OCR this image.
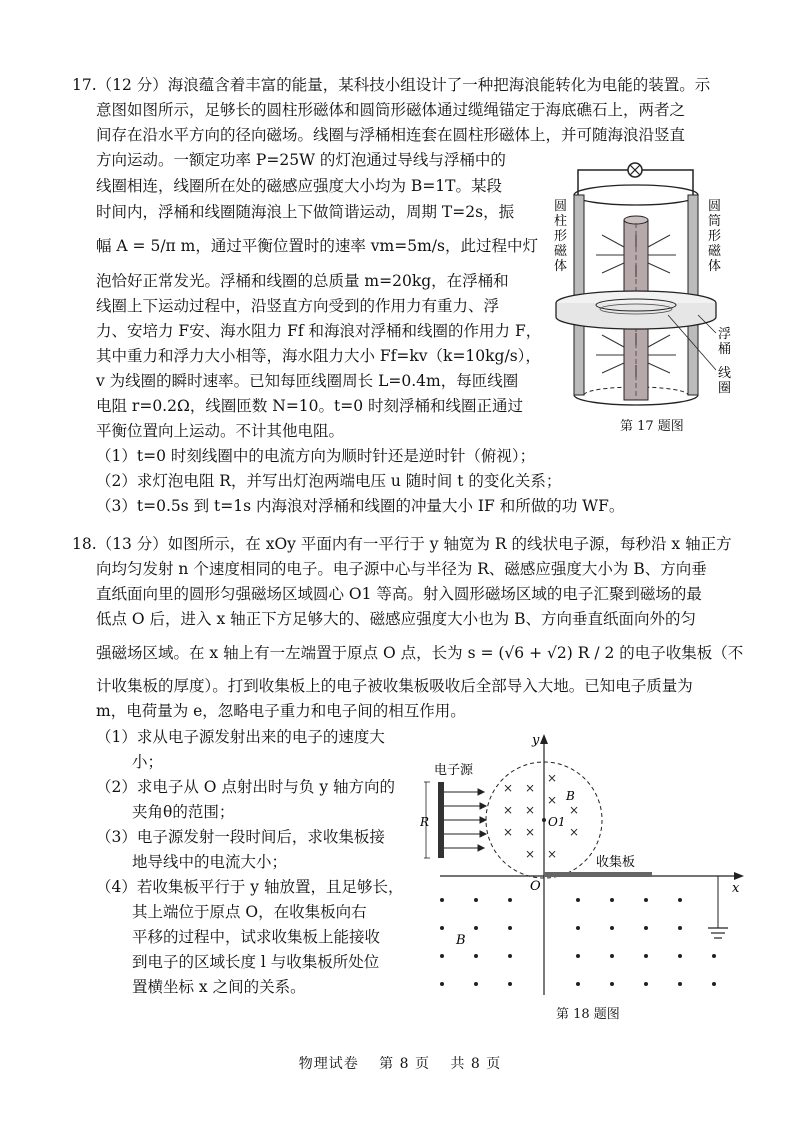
17.（12 分）海浪蕴含着丰富的能量，某科技小组设计了一种把海浪能转化为电能的装置。示
意图如图所示，足够长的圆柱形磁体和圆筒形磁体通过缆绳锚定于海底礁石上，两者之
间存在沿水平方向的径向磁场。线圈与浮桶相连套在圆柱形磁体上，并可随海浪沿竖直
方向运动。一额定功率 P=25W 的灯泡通过导线与浮桶中的
线圈相连，线圈所在处的磁感应强度大小均为 B=1T。某段
时间内，浮桶和线圈随海浪上下做简谐运动，周期 T=2s，振
幅 A = 5/π m，通过平衡位置时的速率 vm=5m/s，此过程中灯
泡恰好正常发光。浮桶和线圈的总质量 m=20kg，在浮桶和
线圈上下运动过程中，沿竖直方向受到的作用力有重力、浮
力、安培力 F安、海水阻力 Ff 和海浪对浮桶和线圈的作用力 F，
其中重力和浮力大小相等，海水阻力大小 Ff=kv（k=10kg/s），
v 为线圈的瞬时速率。已知每匝线圈周长 L=0.4m，每匝线圈
电阻 r=0.2Ω，线圈匝数 N=10。t=0 时刻浮桶和线圈正通过
平衡位置向上运动。不计其他电阻。
（1）t=0 时刻线圈中的电流方向为顺时针还是逆时针（俯视）；
（2）求灯泡电阻 R，并写出灯泡两端电压 u 随时间 t 的变化关系；
（3）t=0.5s 到 t=1s 内海浪对浮桶和线圈的冲量大小 IF 和所做的功 WF。
圆
柱
形
磁
体
圆
筒
形
磁
体
浮
桶
线
圈
第 17 题图
18.（13 分）如图所示，在 xOy 平面内有一平行于 y 轴宽为 R 的线状电子源，每秒沿 x 轴正方
向均匀发射 n 个速度相同的电子。电子源中心与半径为 R、磁感应强度大小为 B、方向垂
直纸面向里的圆形匀强磁场区域圆心 O1 等高。射入圆形磁场区域的电子汇聚到磁场的最
低点 O 后，进入 x 轴正下方足够大的、磁感应强度大小也为 B、方向垂直纸面向外的匀
强磁场区域。在 x 轴上有一左端置于原点 O 点，长为 s = (√6 + √2) R / 2 的电子收集板（不
计收集板的厚度）。打到收集板上的电子被收集板吸收后全部导入大地。已知电子质量为
m，电荷量为 e，忽略电子重力和电子间的相互作用。
（1）求从电子源发射出来的电子的速度大
小；
（2）求电子从 O 点射出时与负 y 轴方向的
夹角θ的范围；
（3）电子源发射一段时间后，求收集板接
地导线中的电流大小；
（4）若收集板平行于 y 轴放置，且足够长，
其上端位于原点 O，在收集板向右
平移的过程中，试求收集板上能接收
到电子的区域长度 l 与收集板所处位
置横坐标 x 之间的关系。
y
x
O
O1
B
× ×
×
× ×
×
× ×	×
× ×
×
电子源
R
收集板
B
第 18 题图
物理试卷　 第 8 页　 共 8 页
